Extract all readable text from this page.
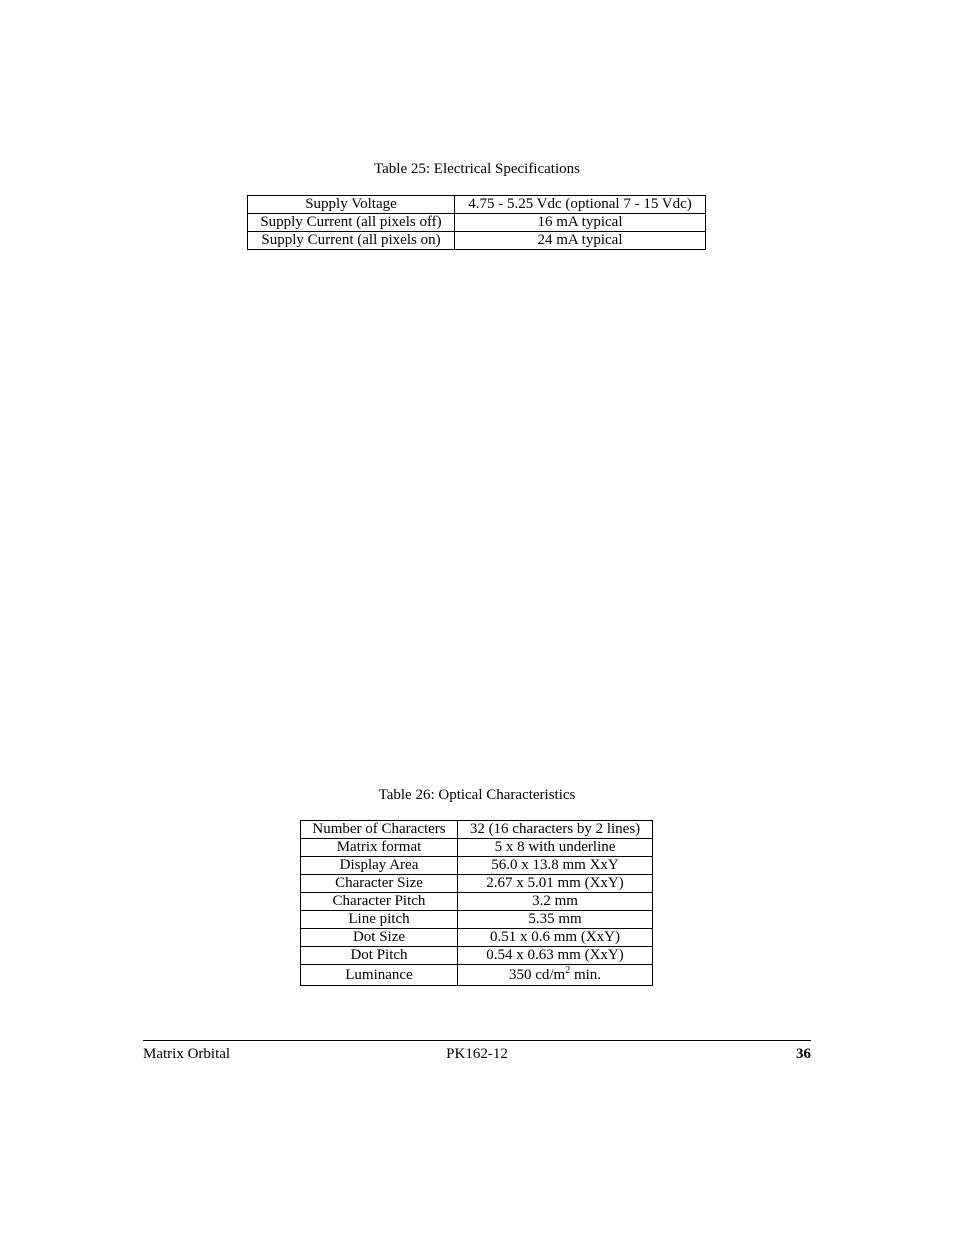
Table 25: Electrical Specifications
Supply Voltage	4.75 - 5.25 Vdc (optional 7 - 15 Vdc)
Supply Current (all pixels off)	16 mA typical
Supply Current (all pixels on)	24 mA typical
Table 26: Optical Characteristics
Number of Characters	32 (16 characters by 2 lines)
Matrix format	5 x 8 with underline
Display Area	56.0 x 13.8 mm XxY
Character Size	2.67 x 5.01 mm (XxY)
Character Pitch	3.2 mm
Line pitch	5.35 mm
Dot Size	0.51 x 0.6 mm (XxY)
Dot Pitch	0.54 x 0.63 mm (XxY)
Luminance	350 $cd/m^2$ min.
Matrix Orbital	PK162-12	36
